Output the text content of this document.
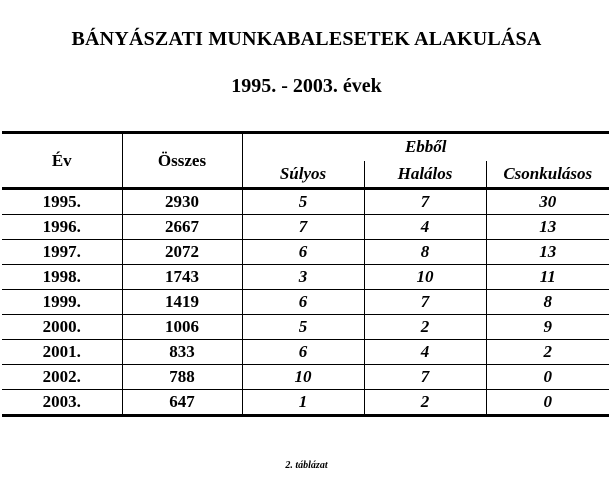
BÁNYÁSZATI MUNKABALESETEK ALAKULÁSA
1995. - 2003. évek
Év	Összes	Ebből		
		Súlyos	Halálos	Csonkulásos
1995.	2930	5	7	30
1996.	2667	7	4	13
1997.	2072	6	8	13
1998.	1743	3	10	11
1999.	1419	6	7	8
2000.	1006	5	2	9
2001.	833	6	4	2
2002.	788	10	7	0
2003.	647	1	2	0
2. táblázat
